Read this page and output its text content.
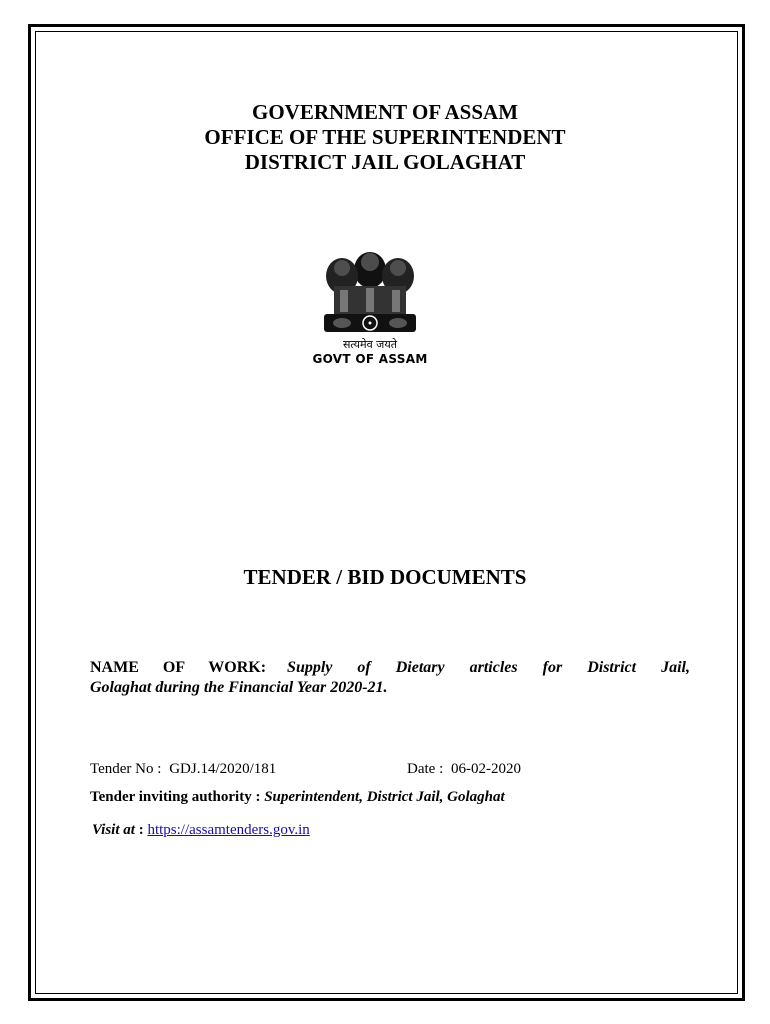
GOVERNMENT OF ASSAM
OFFICE OF THE SUPERINTENDENT
DISTRICT JAIL GOLAGHAT
सत्यमेव जयते
GOVT OF ASSAM
TENDER / BID DOCUMENTS
NAME OF WORK: Supply of Dietary articles for District Jail,
Golaghat during the Financial Year 2020-21.
Tender No : GDJ.14/2020/181	Date : 06-02-2020
Tender inviting authority : Superintendent, District Jail, Golaghat
Visit at : https://assamtenders.gov.in
